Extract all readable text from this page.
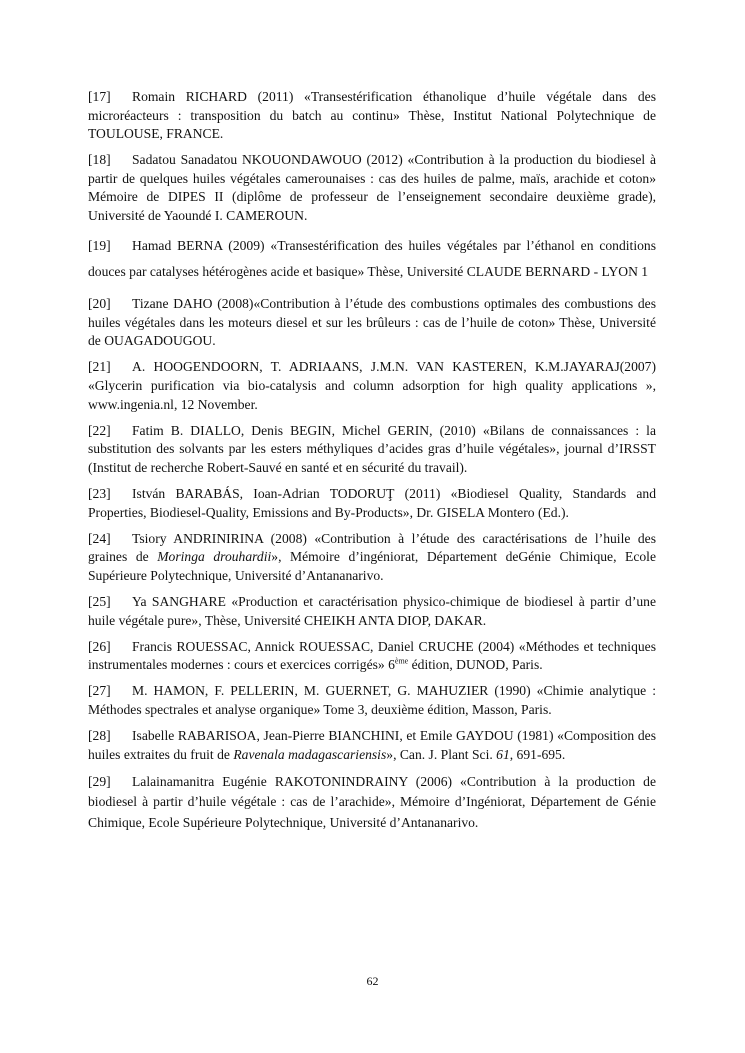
[17] Romain RICHARD (2011) «Transestérification éthanolique d’huile végétale dans des microréacteurs : transposition du batch au continu» Thèse, Institut National Polytechnique de TOULOUSE, FRANCE.

[18] Sadatou Sanadatou NKOUONDAWOUO (2012) «Contribution à la production du biodiesel à partir de quelques huiles végétales camerounaises : cas des huiles de palme, maïs, arachide et coton» Mémoire de DIPES II (diplôme de professeur de l’enseignement secondaire deuxième grade), Université de Yaoundé I. CAMEROUN.

[19] Hamad BERNA (2009) «Transestérification des huiles végétales par l’éthanol en conditions douces par catalyses hétérogènes acide et basique» Thèse, Université CLAUDE BERNARD - LYON 1

[20] Tizane DAHO (2008)«Contribution à l’étude des combustions optimales des combustions des huiles végétales dans les moteurs diesel et sur les brûleurs : cas de l’huile de coton» Thèse, Université de OUAGADOUGOU.

[21] A. HOOGENDOORN, T. ADRIAANS, J.M.N. VAN KASTEREN, K.M.JAYARAJ(2007) «Glycerin purification via bio-catalysis and column adsorption for high quality applications », www.ingenia.nl, 12 November.

[22] Fatim B. DIALLO, Denis BEGIN, Michel GERIN, (2010) «Bilans de connaissances : la substitution des solvants par les esters méthyliques d’acides gras d’huile végétales», journal d’IRSST (Institut de recherche Robert-Sauvé en santé et en sécurité du travail).

[23] István BARABÁS, Ioan-Adrian TODORUŢ (2011) «Biodiesel Quality, Standards and Properties, Biodiesel-Quality, Emissions and By-Products», Dr. GISELA Montero (Ed.).

[24] Tsiory ANDRINIRINA (2008) «Contribution à l’étude des caractérisations de l’huile des graines de Moringa drouhardii», Mémoire d’ingéniorat, Département deGénie Chimique, Ecole Supérieure Polytechnique, Université d’Antananarivo.

[25] Ya SANGHARE «Production et caractérisation physico-chimique de biodiesel à partir d’une huile végétale pure», Thèse, Université CHEIKH ANTA DIOP, DAKAR.

[26] Francis ROUESSAC, Annick ROUESSAC, Daniel CRUCHE (2004) «Méthodes et techniques instrumentales modernes : cours et exercices corrigés» 6ème édition, DUNOD, Paris.

[27] M. HAMON, F. PELLERIN, M. GUERNET, G. MAHUZIER (1990) «Chimie analytique : Méthodes spectrales et analyse organique» Tome 3, deuxième édition, Masson, Paris.

[28] Isabelle RABARISOA, Jean-Pierre BIANCHINI, et Emile GAYDOU (1981) «Composition des huiles extraites du fruit de Ravenala madagascariensis», Can. J. Plant Sci. 61, 691-695.

[29] Lalainamanitra Eugénie RAKOTONINDRAINY (2006) «Contribution à la production de biodiesel à partir d’huile végétale : cas de l’arachide», Mémoire d’Ingéniorat, Département de Génie Chimique, Ecole Supérieure Polytechnique, Université d’Antananarivo.

62
